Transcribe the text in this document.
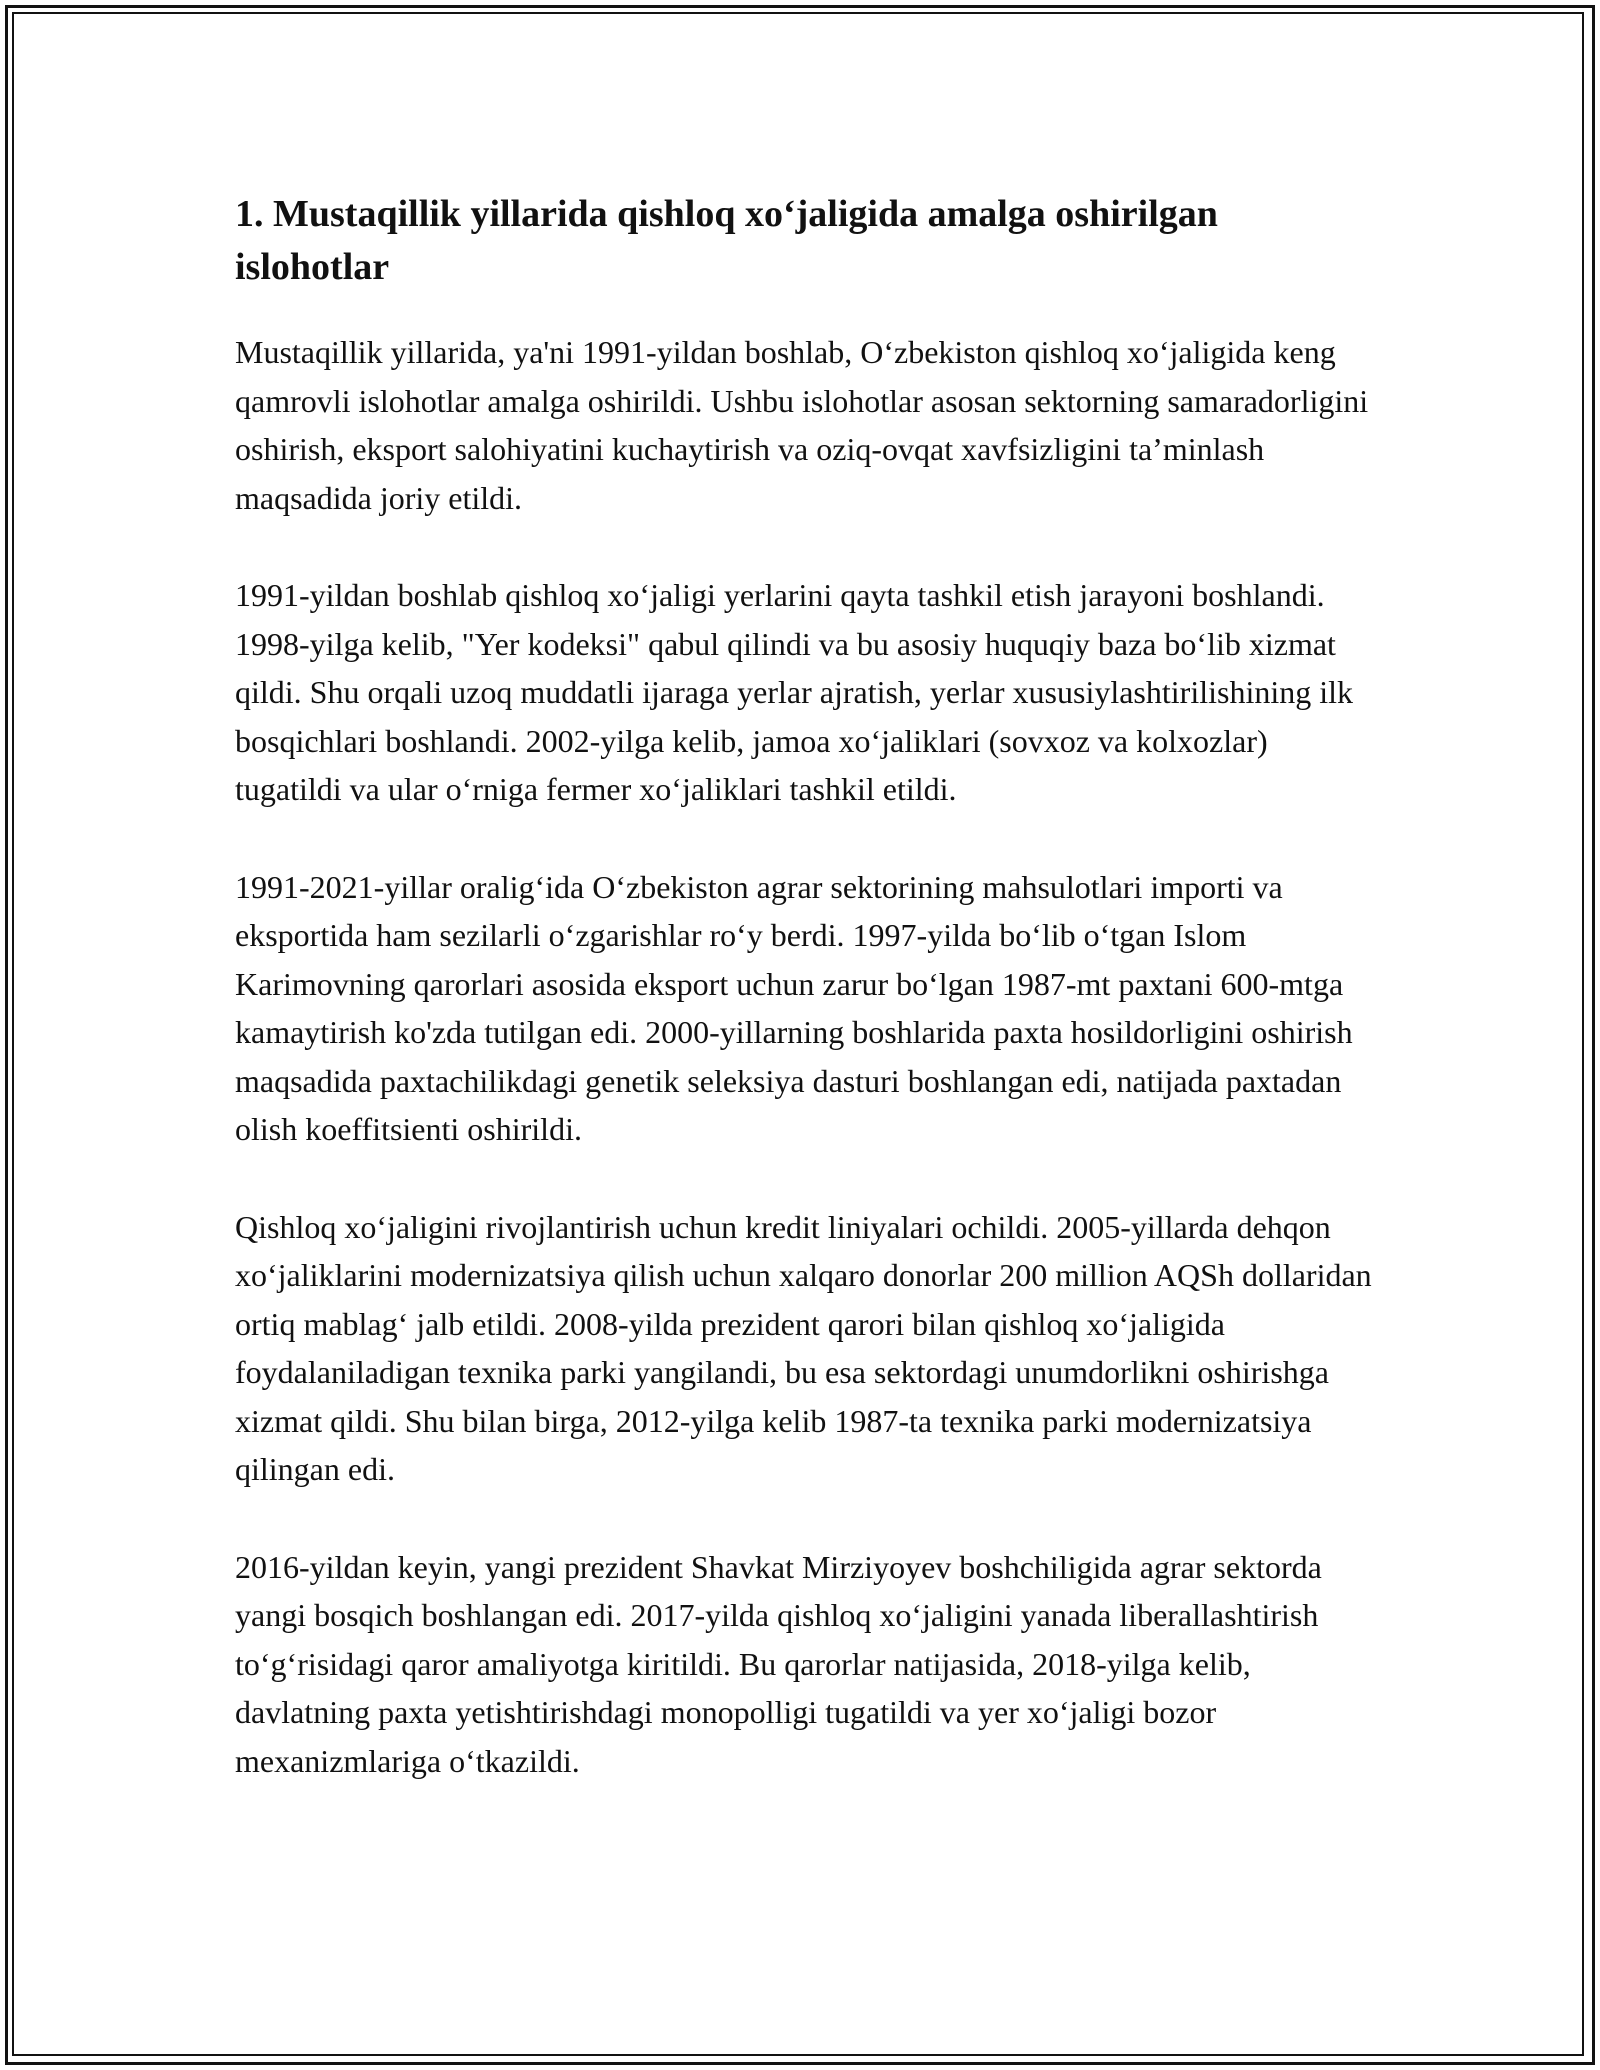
1. Mustaqillik yillarida qishloq xo‘jaligida amalga oshirilgan islohotlar

Mustaqillik yillarida, ya'ni 1991-yildan boshlab, O‘zbekiston qishloq xo‘jaligida keng qamrovli islohotlar amalga oshirildi. Ushbu islohotlar asosan sektorning samaradorligini oshirish, eksport salohiyatini kuchaytirish va oziq-ovqat xavfsizligini ta’minlash maqsadida joriy etildi.

1991-yildan boshlab qishloq xo‘jaligi yerlarini qayta tashkil etish jarayoni boshlandi. 1998-yilga kelib, "Yer kodeksi" qabul qilindi va bu asosiy huquqiy baza bo‘lib xizmat qildi. Shu orqali uzoq muddatli ijaraga yerlar ajratish, yerlar xususiylashtirilishining ilk bosqichlari boshlandi. 2002-yilga kelib, jamoa xo‘jaliklari (sovxoz va kolxozlar) tugatildi va ular o‘rniga fermer xo‘jaliklari tashkil etildi.

1991-2021-yillar oralig‘ida O‘zbekiston agrar sektorining mahsulotlari importi va eksportida ham sezilarli o‘zgarishlar ro‘y berdi. 1997-yilda bo‘lib o‘tgan Islom Karimovning qarorlari asosida eksport uchun zarur bo‘lgan 1987-mt paxtani 600-mtga kamaytirish ko'zda tutilgan edi. 2000-yillarning boshlarida paxta hosildorligini oshirish maqsadida paxtachilikdagi genetik seleksiya dasturi boshlangan edi, natijada paxtadan olish koeffitsienti oshirildi.

Qishloq xo‘jaligini rivojlantirish uchun kredit liniyalari ochildi. 2005-yillarda dehqon xo‘jaliklarini modernizatsiya qilish uchun xalqaro donorlar 200 million AQSh dollaridan ortiq mablag‘ jalb etildi. 2008-yilda prezident qarori bilan qishloq xo‘jaligida foydalaniladigan texnika parki yangilandi, bu esa sektordagi unumdorlikni oshirishga xizmat qildi. Shu bilan birga, 2012-yilga kelib 1987-ta texnika parki modernizatsiya qilingan edi.

2016-yildan keyin, yangi prezident Shavkat Mirziyoyev boshchiligida agrar sektorda yangi bosqich boshlangan edi. 2017-yilda qishloq xo‘jaligini yanada liberallashtirish to‘g‘risidagi qaror amaliyotga kiritildi. Bu qarorlar natijasida, 2018-yilga kelib, davlatning paxta yetishtirishdagi monopolligi tugatildi va yer xo‘jaligi bozor mexanizmlariga o‘tkazildi.
